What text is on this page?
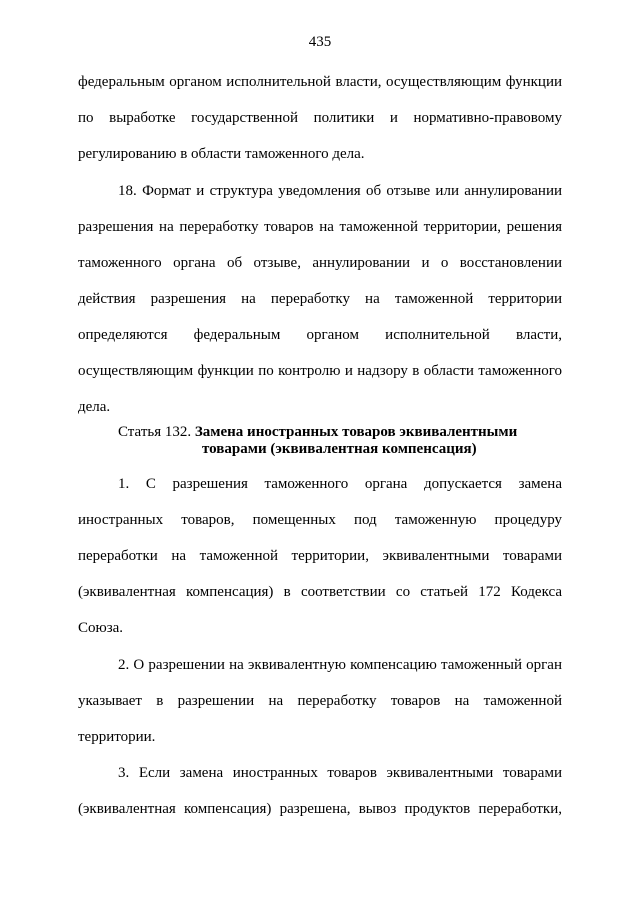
435
федеральным органом исполнительной власти, осуществляющим функции
по выработке государственной политики и нормативно-правовому
регулированию в области таможенного дела.
18. Формат и структура уведомления об отзыве или аннулировании
разрешения на переработку товаров на таможенной территории, решения
таможенного органа об отзыве, аннулировании и о восстановлении
действия разрешения на переработку на таможенной территории
определяются федеральным органом исполнительной власти,
осуществляющим функции по контролю и надзору в области таможенного
дела.
Статья 132. Замена иностранных товаров эквивалентными
товарами (эквивалентная компенсация)
1. С разрешения таможенного органа допускается замена
иностранных товаров, помещенных под таможенную процедуру
переработки на таможенной территории, эквивалентными товарами
(эквивалентная компенсация) в соответствии со статьей 172 Кодекса
Союза.
2. О разрешении на эквивалентную компенсацию таможенный орган
указывает в разрешении на переработку товаров на таможенной
территории.
3. Если замена иностранных товаров эквивалентными товарами
(эквивалентная компенсация) разрешена, вывоз продуктов переработки,
